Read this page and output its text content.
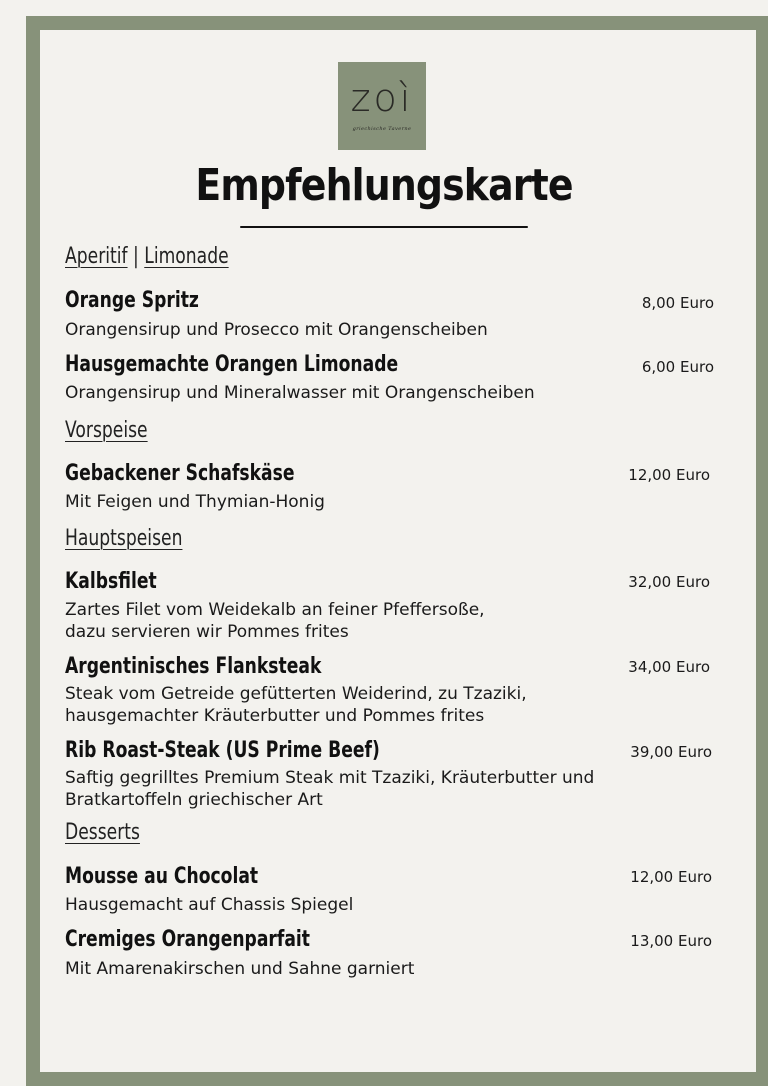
zoì
griechische Taverne
Empfehlungskarte
Aperitif | Limonade
Orange Spritz	8,00 Euro
Orangensirup und Prosecco mit Orangenscheiben
Hausgemachte Orangen Limonade	6,00 Euro
Orangensirup und Mineralwasser mit Orangenscheiben
Vorspeise
Gebackener Schafskäse	12,00 Euro
Mit Feigen und Thymian-Honig
Hauptspeisen
Kalbsfilet	32,00 Euro
Zartes Filet vom Weidekalb an feiner Pfeffersoße,
dazu servieren wir Pommes frites
Argentinisches Flanksteak	34,00 Euro
Steak vom Getreide gefütterten Weiderind, zu Tzaziki,
hausgemachter Kräuterbutter und Pommes frites
Rib Roast-Steak (US Prime Beef)	39,00 Euro
Saftig gegrilltes Premium Steak mit Tzaziki, Kräuterbutter und
Bratkartoffeln griechischer Art
Desserts
Mousse au Chocolat	12,00 Euro
Hausgemacht auf Chassis Spiegel
Cremiges Orangenparfait	13,00 Euro
Mit Amarenakirschen und Sahne garniert
